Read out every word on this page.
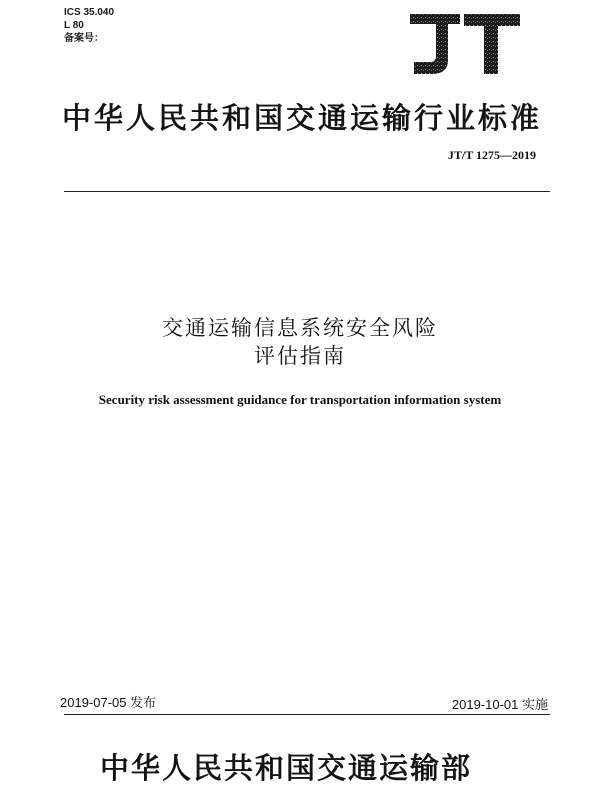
ICS 35.040
L 80
备案号：
中华人民共和国交通运输行业标准
JT/T 1275—2019
交通运输信息系统安全风险
评估指南
Security risk assessment guidance for transportation information system
2019-07-05 发布	2019-10-01 实施
中华人民共和国交通运输部
